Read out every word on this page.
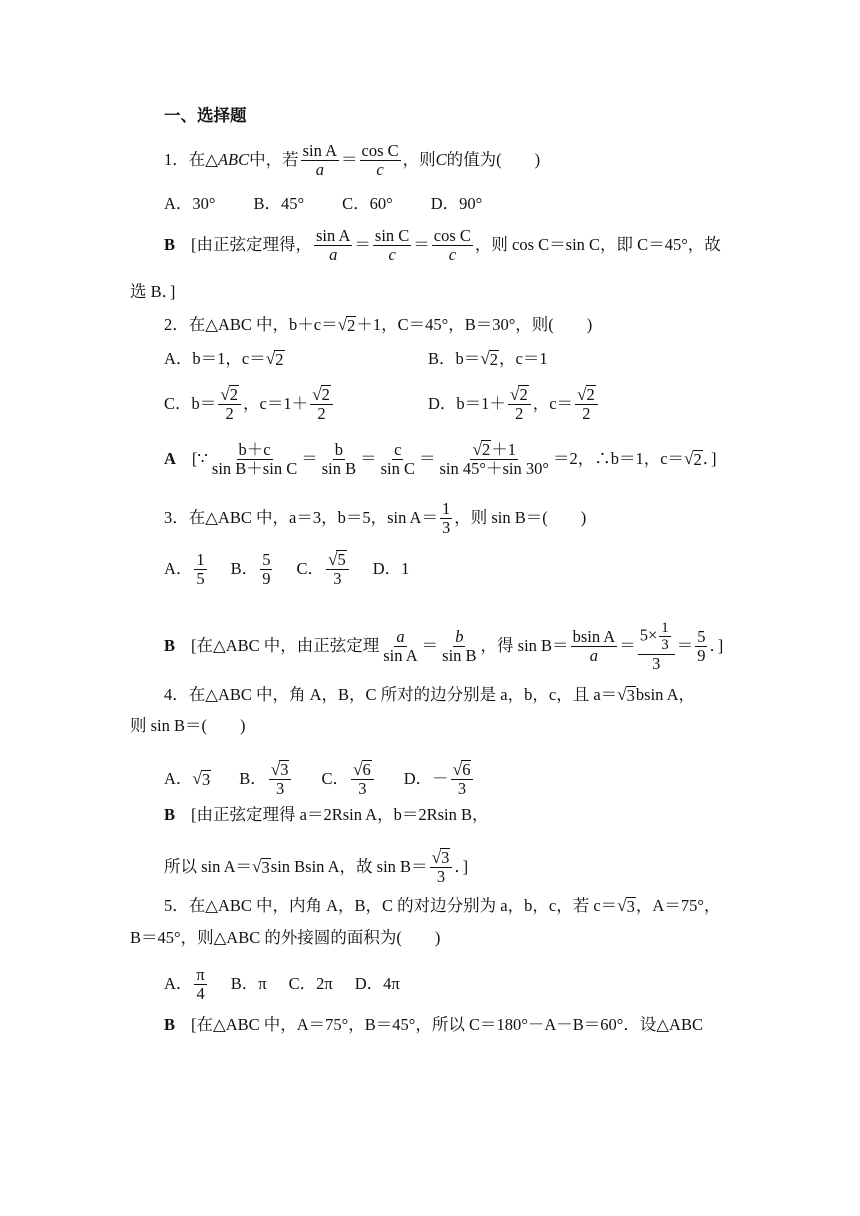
一、选择题
1．在△ ABC 中，若 sin A
a
＝ cos C
c
，则 C 的值为(　　)
A．30° B．45° C．60° D．90°
B [由正弦定理得， sin A
a
＝ sin C
c
＝ cos C
c
，则 cos C＝sin C，即 C＝45°，故
选 B．]
2．在△ABC 中，b＋c＝ √ 2 ＋1，C＝45°，B＝30°，则(　　)
A．b＝1，c＝ √ 2	B．b＝ √ 2 ，c＝1
C．b＝ √ 2
2
，c＝1＋ √ 2
2
D．b＝1＋ √ 2
2
，c＝ √ 2
2
A [∵ b＋c
sin B＋sin C
＝ b
sin B
＝ c
sin C
＝ √ 2 ＋1
sin 45°＋sin 30°
＝2，∴b＝1，c＝ √ 2 ．]
3．在△ABC 中，a＝3，b＝5，sin A＝ 1
3
，则 sin B＝(　　)
A． 1
5
B． 5
9
C． √ 5
3
D．1
B [在△ABC 中，由正弦定理 a
sin A
＝ b
sin B
，得 sin B＝ bsin A
a
＝
$5\times \frac{1}{3}$
3
＝ 5
9
．]
4．在△ABC 中，角 A，B，C 所对的边分别是 a，b，c，且 a＝ √ 3 bsin A，
则 sin B＝(　　)
A． √ 3 B． √ 3
3
C． √ 6
3
D．－ √ 6
3
B [由正弦定理得 a＝2Rsin A，b＝2Rsin B，
所以 sin A＝ √ 3 sin Bsin A，故 sin B＝ √ 3
3
．]
5．在△ABC 中，内角 A，B，C 的对边分别为 a，b，c，若 c＝ √ 3 ，A＝75°，
B＝45°，则△ABC 的外接圆的面积为(　　)
A． π
4
B．π C．2π D．4π
B [在△ABC 中，A＝75°，B＝45°，所以 C＝180°－A－B＝60°．设△ABC
